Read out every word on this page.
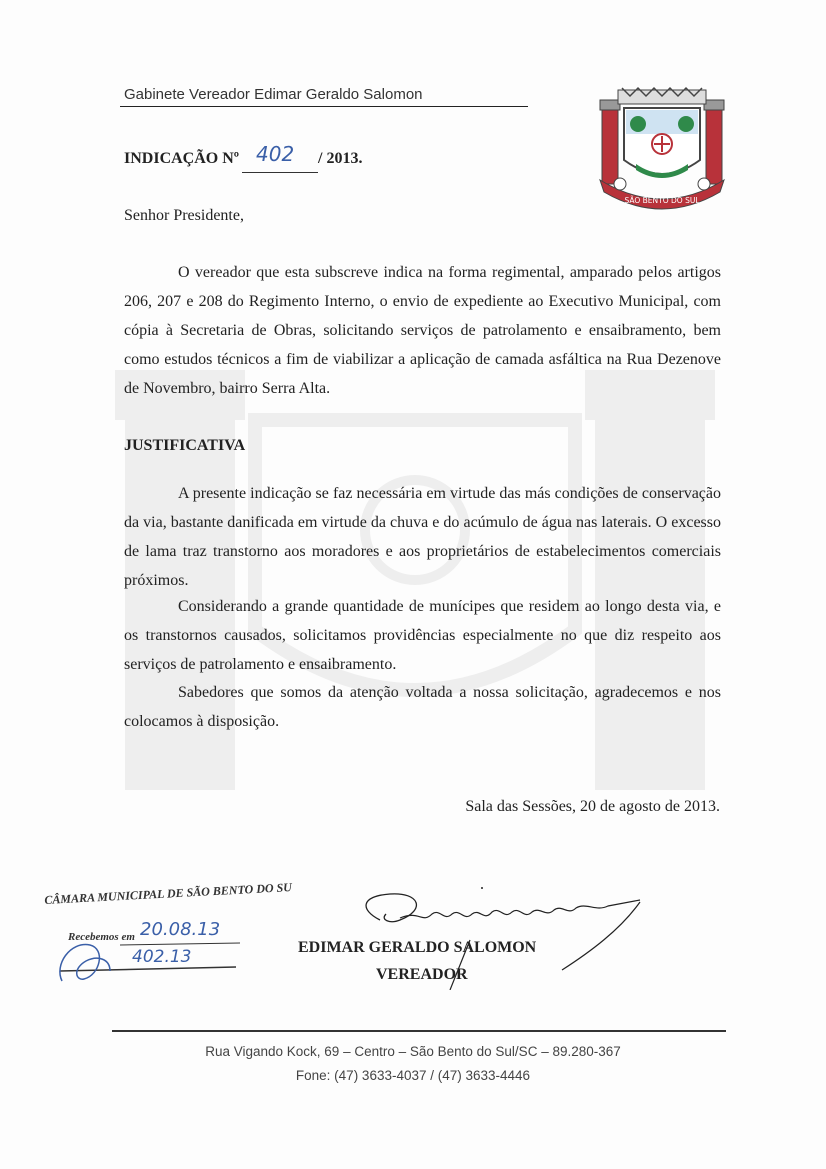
Gabinete Vereador Edimar Geraldo Salomon
SÃO BENTO DO SUL
INDICAÇÃO Nº 402 / 2013.
Senhor Presidente,

O vereador que esta subscreve indica na forma regimental, amparado pelos artigos 206, 207 e 208 do Regimento Interno, o envio de expediente ao Executivo Municipal, com cópia à Secretaria de Obras, solicitando serviços de patrolamento e ensaibramento, bem como estudos técnicos a fim de viabilizar a aplicação de camada asfáltica na Rua Dezenove de Novembro, bairro Serra Alta.

JUSTIFICATIVA

A presente indicação se faz necessária em virtude das más condições de conservação da via, bastante danificada em virtude da chuva e do acúmulo de água nas laterais. O excesso de lama traz transtorno aos moradores e aos proprietários de estabelecimentos comerciais próximos.

Considerando a grande quantidade de munícipes que residem ao longo desta via, e os transtornos causados, solicitamos providências especialmente no que diz respeito aos serviços de patrolamento e ensaibramento.

Sabedores que somos da atenção voltada a nossa solicitação, agradecemos e nos colocamos à disposição.

Sala das Sessões, 20 de agosto de 2013.
CÂMARA MUNICIPAL DE SÃO BENTO DO SU
Recebemos em 20.08.13
402.13	EDIMAR GERALDO SALOMON
VEREADOR
Rua Vigando Kock, 69 – Centro – São Bento do Sul/SC – 89.280-367
Fone: (47) 3633-4037 / (47) 3633-4446
